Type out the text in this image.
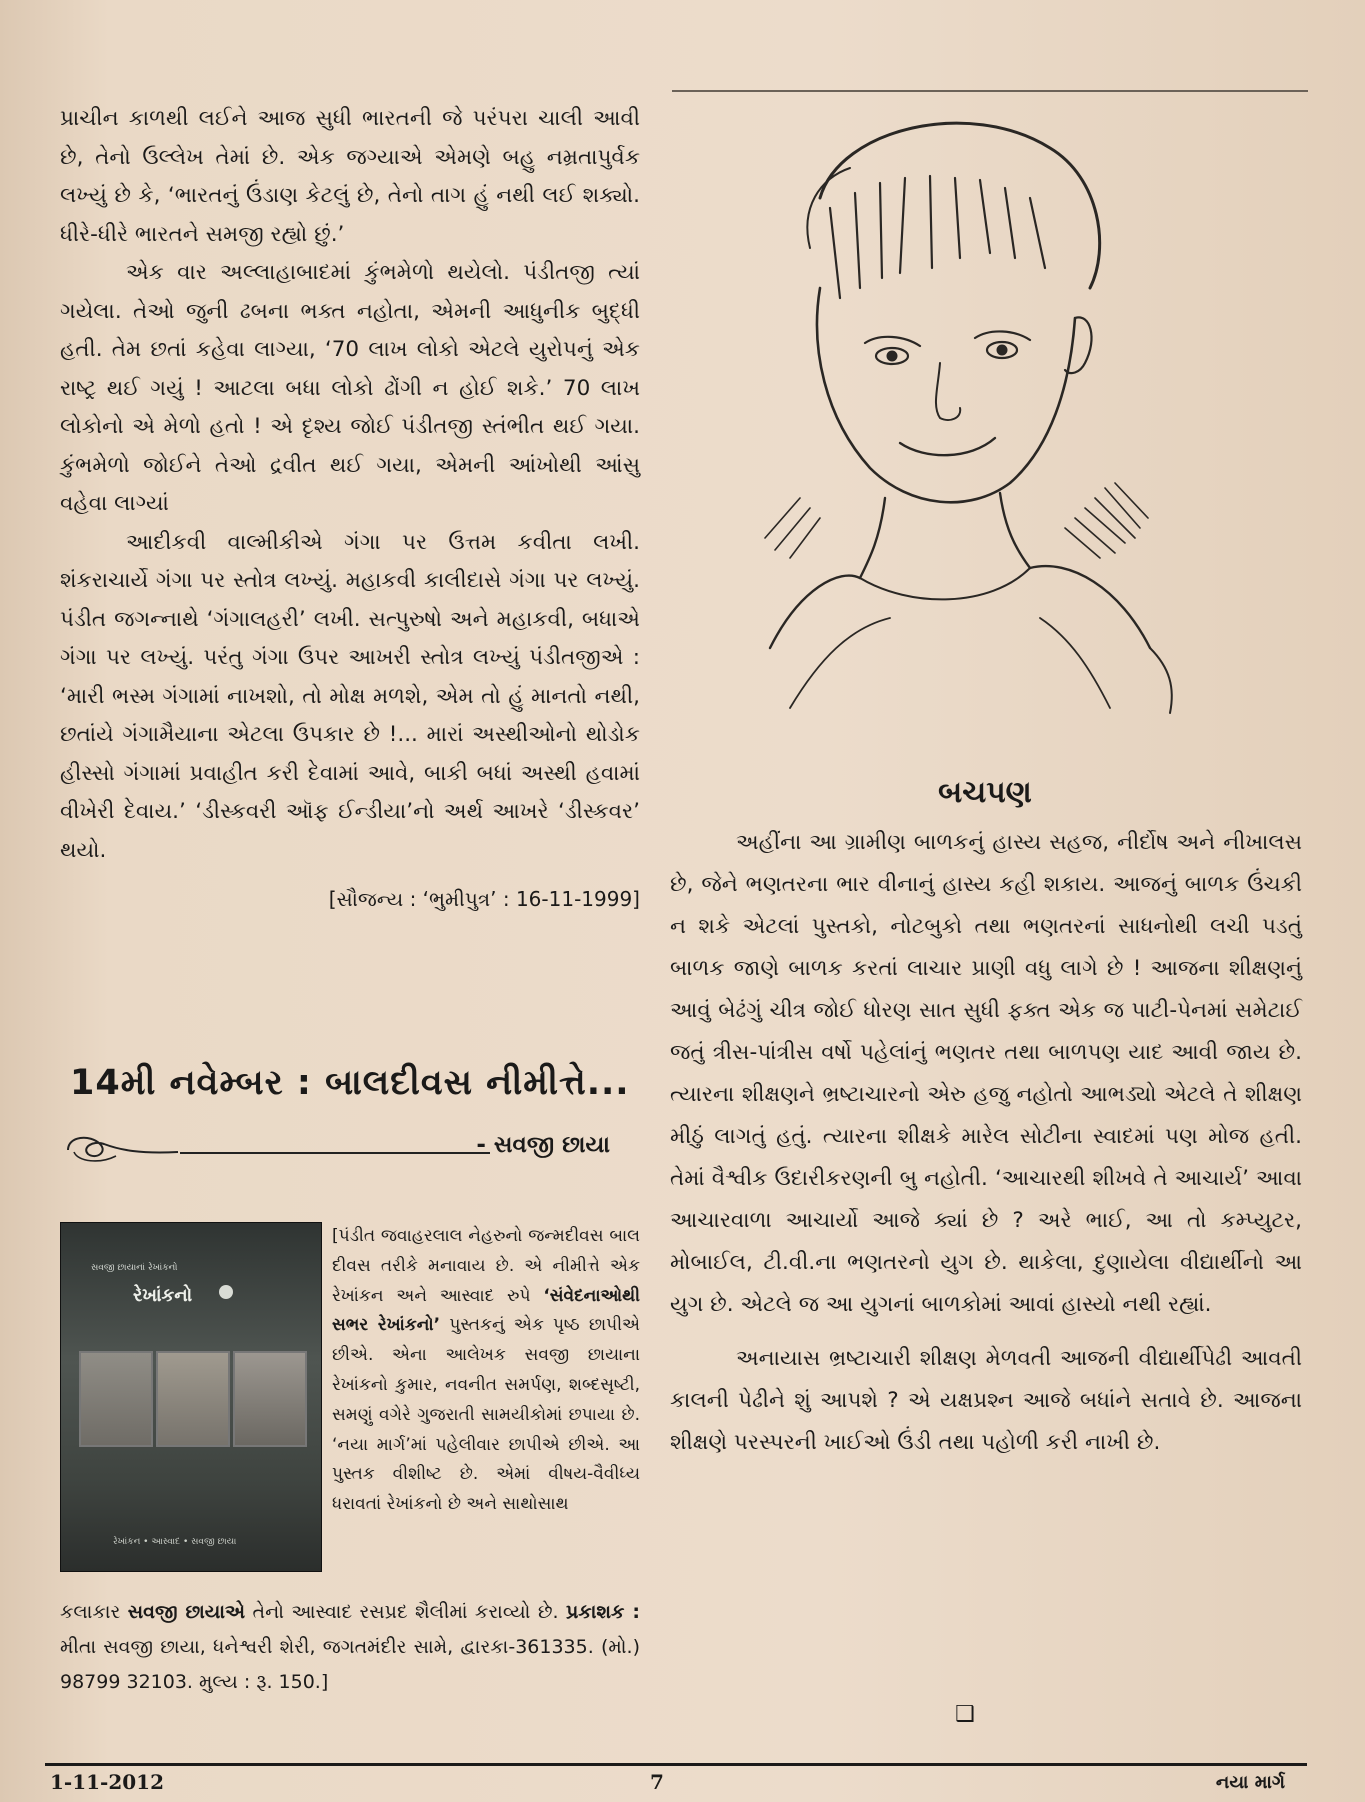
પ્રાચીન કાળથી લઈને આજ સુધી ભારતની જે પરંપરા ચાલી આવી છે, તેનો ઉલ્લેખ તેમાં છે. એક જગ્યાએ એમણે બહુ નમ્રતાપુર્વક લખ્યું છે કે, ‘ભારતનું ઉંડાણ કેટલું છે, તેનો તાગ હું નથી લઈ શક્યો. ધીરે-ધીરે ભારતને સમજી રહ્યો છું.’

એક વાર અલ્લાહાબાદમાં કુંભમેળો થયેલો. પંડીતજી ત્યાં ગયેલા. તેઓ જુની ઢબના ભક્ત નહોતા, એમની આધુનીક બુદ્ધી હતી. તેમ છતાં કહેવા લાગ્યા, ‘70 લાખ લોકો એટલે યુરોપનું એક રાષ્ટ્ર થઈ ગયું ! આટલા બધા લોકો ઢોંગી ન હોઈ શકે.’ 70 લાખ લોકોનો એ મેળો હતો ! એ દૃશ્ય જોઈ પંડીતજી સ્તંભીત થઈ ગયા. કુંભમેળો જોઈને તેઓ દ્રવીત થઈ ગયા, એમની આંખોથી આંસુ વહેવા લાગ્યાં

આદીકવી વાલ્મીકીએ ગંગા પર ઉત્તમ કવીતા લખી. શંકરાચાર્યે ગંગા પર સ્તોત્ર લખ્યું. મહાકવી કાલીદાસે ગંગા પર લખ્યું. પંડીત જગન્નાથે ‘ગંગાલહરી’ લખી. સત્પુરુષો અને મહાકવી, બધાએ ગંગા પર લખ્યું. પરંતુ ગંગા ઉપર આખરી સ્તોત્ર લખ્યું પંડીતજીએ : ‘મારી ભસ્મ ગંગામાં નાખશો, તો મોક્ષ મળશે, એમ તો હું માનતો નથી, છતાંયે ગંગામૈયાના એટલા ઉપકાર છે !... મારાં અસ્થીઓનો થોડોક હીસ્સો ગંગામાં પ્રવાહીત કરી દેવામાં આવે, બાકી બધાં અસ્થી હવામાં વીખેરી દેવાય.’ ‘ડીસ્કવરી ઑફ ઈન્ડીયા’નો અર્થ આખરે ‘ડીસ્કવર’ થયો.

[સૌજન્ય : ‘ભુમીપુત્ર’ : 16-11-1999]

14મી નવેમ્બર : બાલદીવસ નીમીત્તે...
- સવજી છાયા
સવજી છાયાનાં રેખાંકનો
રેખાંકનો
રેખાંકન • આસ્વાદ • સવજી છાયા
[પંડીત જવાહરલાલ નેહરુનો જન્મદીવસ બાલ દીવસ તરીકે મનાવાય છે. એ નીમીત્તે એક રેખાંકન અને આસ્વાદ રુપે ‘સંવેદનાઓથી સભર રેખાંકનો’ પુસ્તકનું એક પૃષ્ઠ છાપીએ છીએ. એના આલેખક સવજી છાયાના રેખાંકનો કુમાર, નવનીત સમર્પણ, શબ્દસૃષ્ટી, સમણું વગેરે ગુજરાતી સામયીકોમાં છપાયા છે. ‘નયા માર્ગ’માં પહેલીવાર છાપીએ છીએ. આ પુસ્તક વીશીષ્ટ છે. એમાં વીષય-વૈવીધ્ય ધરાવતાં રેખાંકનો છે અને સાથોસાથ
કલાકાર સવજી છાયાએ તેનો આસ્વાદ રસપ્રદ શૈલીમાં કરાવ્યો છે. પ્રકાશક : મીતા સવજી છાયા, ધનેશ્વરી શેરી, જગતમંદીર સામે, દ્વારકા-361335. (મો.) 98799 32103. મુલ્ય : રૂ. 150.]
બચપણ

અહીંના આ ગ્રામીણ બાળકનું હાસ્ય સહજ, નીર્દોષ અને નીખાલસ છે, જેને ભણતરના ભાર વીનાનું હાસ્ય કહી શકાય. આજનું બાળક ઉંચકી ન શકે એટલાં પુસ્તકો, નોટબુકો તથા ભણતરનાં સાધનોથી લચી પડતું બાળક જાણે બાળક કરતાં લાચાર પ્રાણી વધુ લાગે છે ! આજના શીક્ષણનું આવું બેઢંગું ચીત્ર જોઈ ધોરણ સાત સુધી ફક્ત એક જ પાટી-પેનમાં સમેટાઈ જતું ત્રીસ-પાંત્રીસ વર્ષો પહેલાંનું ભણતર તથા બાળપણ યાદ આવી જાય છે. ત્યારના શીક્ષણને ભ્રષ્ટાચારનો એરુ હજુ નહોતો આભડ્યો એટલે તે શીક્ષણ મીઠું લાગતું હતું. ત્યારના શીક્ષકે મારેલ સોટીના સ્વાદમાં પણ મોજ હતી. તેમાં વૈશ્વીક ઉદારીકરણની બુ નહોતી. ‘આચારથી શીખવે તે આચાર્ય’ આવા આચારવાળા આચાર્યો આજે ક્યાં છે ? અરે ભાઈ, આ તો કમ્પ્યુટર, મોબાઈલ, ટી.વી.ના ભણતરનો યુગ છે. થાકેલા, દુણાયેલા વીદ્યાર્થીનો આ યુગ છે. એટલે જ આ યુગનાં બાળકોમાં આવાં હાસ્યો નથી રહ્યાં.

અનાયાસ ભ્રષ્ટાચારી શીક્ષણ મેળવતી આજની વીદ્યાર્થીપેઢી આવતી કાલની પેઢીને શું આપશે ? એ યક્ષપ્રશ્ન આજે બધાંને સતાવે છે. આજના શીક્ષણે પરસ્પરની ખાઈઓ ઉંડી તથા પહોળી કરી નાખી છે.

❑
1-11-2012	7	નયા માર્ગ
